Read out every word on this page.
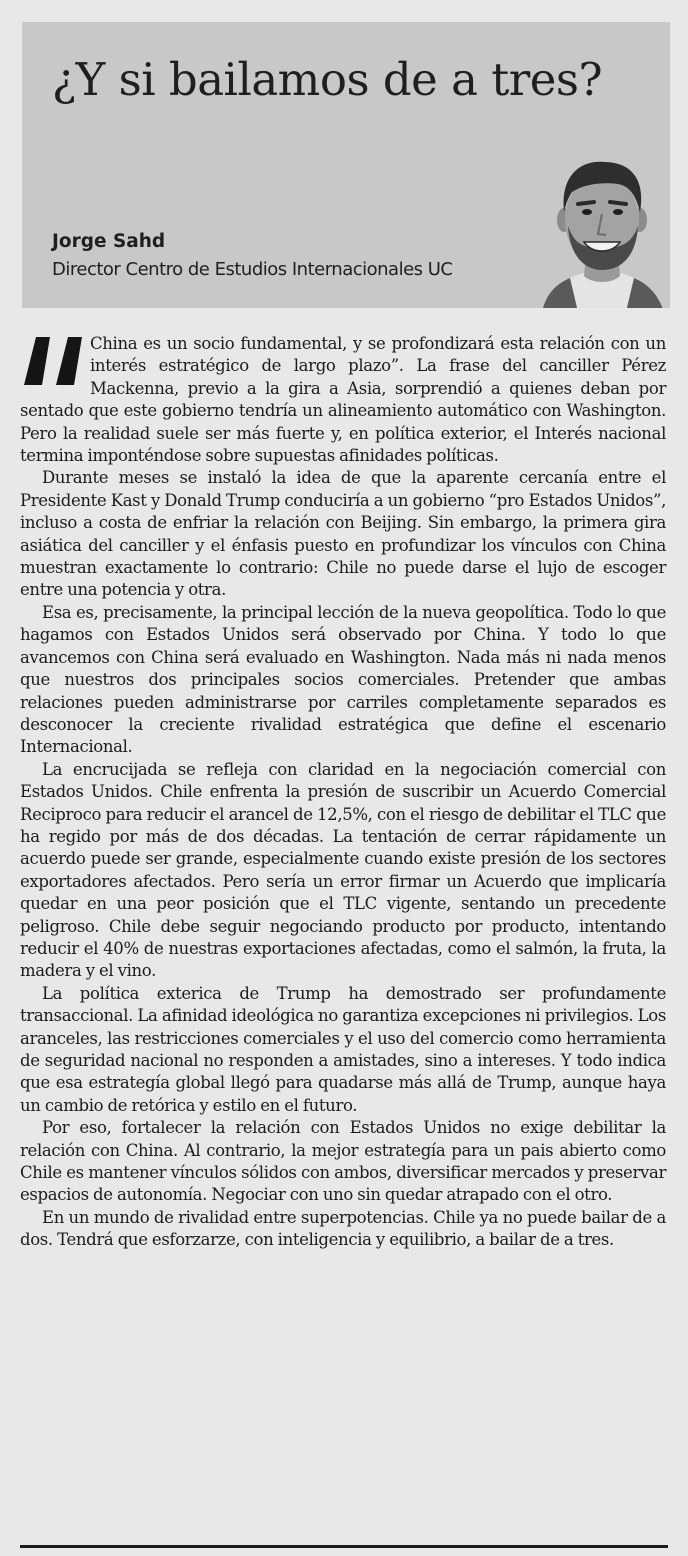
¿Y si bailamos de a tres?
Jorge Sahd
Director Centro de Estudios Internacionales UC

China es un socio fundamental, y se profondizará esta relación con un interés estratégico de largo plazo”. La frase del canciller Pérez Mackenna, previo a la gira a Asia, sorprendió a quienes deban por sentado que este gobierno tendría un alineamiento automático con Washington. Pero la realidad suele ser más fuerte y, en política exterior, el Interés nacional termina imponténdose sobre supuestas afinidades políticas.

Durante meses se instaló la idea de que la aparente cercanía entre el Presidente Kast y Donald Trump conduciría a un gobierno “pro Estados Unidos”, incluso a costa de enfriar la relación con Beijing. Sin embargo, la primera gira asiática del canciller y el énfasis puesto en profundizar los vínculos con China muestran exactamente lo contrario: Chile no puede darse el lujo de escoger entre una potencia y otra.

Esa es, precisamente, la principal lección de la nueva geopolítica. Todo lo que hagamos con Estados Unidos será observado por China. Y todo lo que avancemos con China será evaluado en Washington. Nada más ni nada menos que nuestros dos principales socios comerciales. Pretender que ambas relaciones pueden administrarse por carriles completamente separados es desconocer la creciente rivalidad estratégica que define el escenario Internacional.

La encrucijada se refleja con claridad en la negociación comercial con Estados Unidos. Chile enfrenta la presión de suscribir un Acuerdo Comercial Reciproco para reducir el arancel de 12,5%, con el riesgo de debilitar el TLC que ha regido por más de dos décadas. La tentación de cerrar rápidamente un acuerdo puede ser grande, especialmente cuando existe presión de los sectores exportadores afectados. Pero sería un error firmar un Acuerdo que implicaría quedar en una peor posición que el TLC vigente, sentando un precedente peligroso. Chile debe seguir negociando producto por producto, intentando reducir el 40% de nuestras exportaciones afectadas, como el salmón, la fruta, la madera y el vino.

La política exterica de Trump ha demostrado ser profundamente transaccional. La afinidad ideológica no garantiza excepciones ni privilegios. Los aranceles, las restricciones comerciales y el uso del comercio como herramienta de seguridad nacional no responden a amistades, sino a intereses. Y todo indica que esa estrategía global llegó para quadarse más allá de Trump, aunque haya un cambio de retórica y estilo en el futuro.

Por eso, fortalecer la relación con Estados Unidos no exige debilitar la relación con China. Al contrario, la mejor estrategía para un pais abierto como Chile es mantener vínculos sólidos con ambos, diversificar mercados y preservar espacios de autonomía. Negociar con uno sin quedar atrapado con el otro.

En un mundo de rivalidad entre superpotencias. Chile ya no puede bailar de a dos. Tendrá que esforzarze, con inteligencia y equilibrio, a bailar de a tres.
